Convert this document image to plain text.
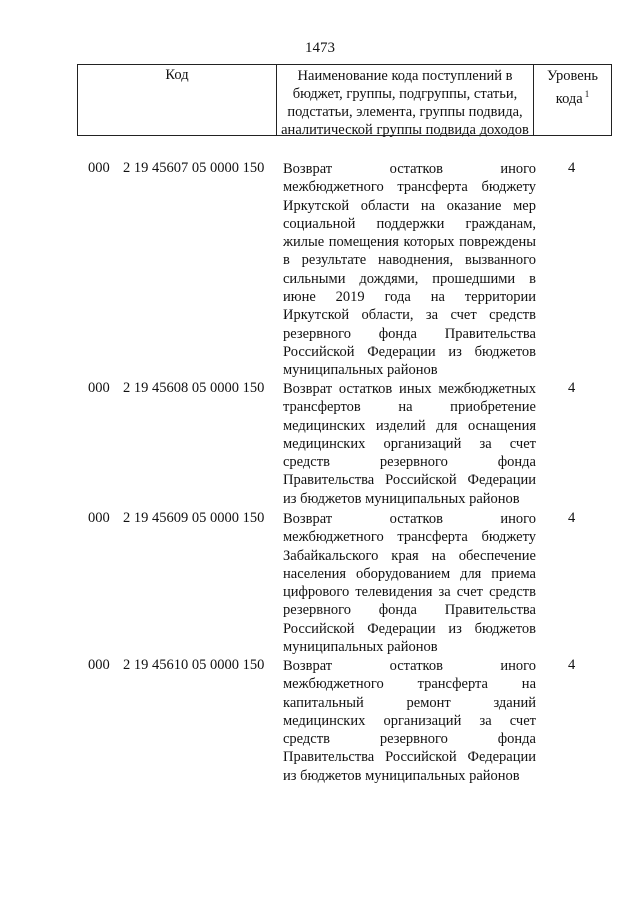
1473
Код	Наименование кода поступлений в
бюджет, группы, подгруппы, статьи,
подстатьи, элемента, группы подвида,
аналитической группы подвида доходов
Уровень
кода $^1$
000 2 19 45607 05 0000 150 Возврат остатков иного
межбюджетного трансферта бюджету
Иркутской области на оказание мер
социальной поддержки гражданам,
жилые помещения которых повреждены
в результате наводнения, вызванного
сильными дождями, прошедшими в
июне 2019 года на территории
Иркутской области, за счет средств
резервного фонда Правительства
Российской Федерации из бюджетов
муниципальных районов
4
000 2 19 45608 05 0000 150 Возврат остатков иных межбюджетных
трансфертов на приобретение
медицинских изделий для оснащения
медицинских организаций за счет
средств резервного фонда
Правительства Российской Федерации
из бюджетов муниципальных районов
4
000 2 19 45609 05 0000 150 Возврат остатков иного
межбюджетного трансферта бюджету
Забайкальского края на обеспечение
населения оборудованием для приема
цифрового телевидения за счет средств
резервного фонда Правительства
Российской Федерации из бюджетов
муниципальных районов
4
000 2 19 45610 05 0000 150 Возврат остатков иного
межбюджетного трансферта на
капитальный ремонт зданий
медицинских организаций за счет
средств резервного фонда
Правительства Российской Федерации
из бюджетов муниципальных районов
4
